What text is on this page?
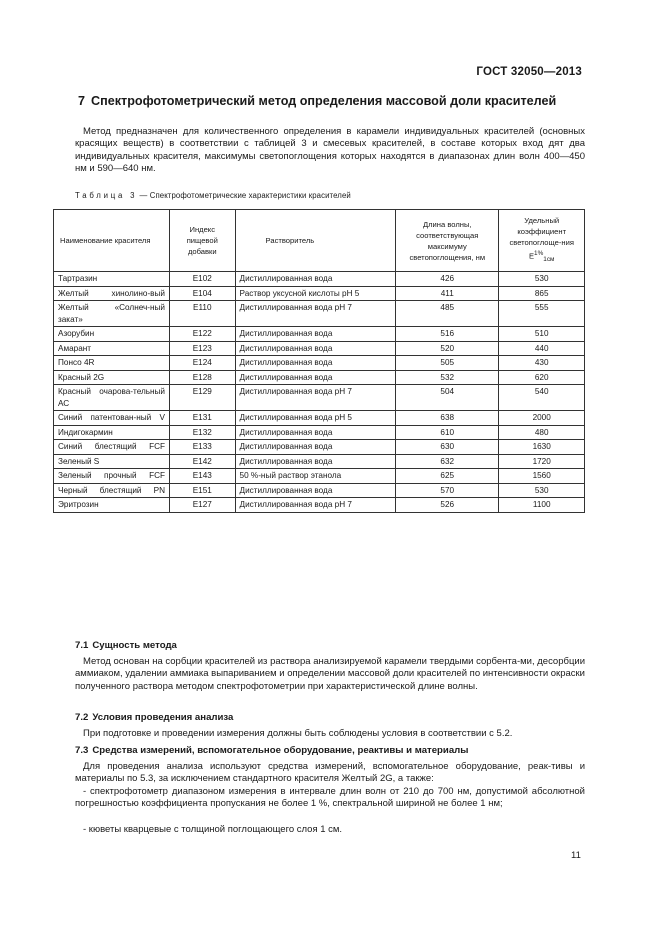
ГОСТ 32050—2013
7 Спектрофотометрический метод определения массовой доли красителей
Метод предназначен для количественного определения в карамели индивидуальных красителей (основных красящих веществ) в соответствии с таблицей 3 и смесевых красителей, в составе которых вход дят два индивидуальных красителя, максимумы светопоглощения которых находятся в диапазонах длин волн 400—450 нм и 590—640 нм.
Таблица 3 — Спектрофотометрические характеристики красителей
Наименование красителя	Индекс пищевой добавки	Растворитель	Длина волны, соответствующая максимуму светопоглощения, нм	Удельный коэффициент светопоглоще-ния $E^{1\%}_{1см}$
Тартразин	E102	Дистиллированная вода	426	530
Желтый хинолино-вый	E104	Раствор уксусной кислоты pH 5	411	865
Желтый «Солнеч-ный закат»	E110	Дистиллированная вода pH 7	485	555
Азорубин	E122	Дистиллированная вода	516	510
Амарант	E123	Дистиллированная вода	520	440
Понсо 4R	E124	Дистиллированная вода	505	430
Красный 2G	E128	Дистиллированная вода	532	620
Красный очарова-тельный АС	E129	Дистиллированная вода pH 7	504	540
Синий патентован-ный V	E131	Дистиллированная вода pH 5	638	2000
Индигокармин	E132	Дистиллированная вода	610	480
Синий блестящий FCF	E133	Дистиллированная вода	630	1630
Зеленый S	E142	Дистиллированная вода	632	1720
Зеленый прочный FCF	E143	50 %-ный раствор этанола	625	1560
Черный блестящий PN	E151	Дистиллированная вода	570	530
Эритрозин	E127	Дистиллированная вода pH 7	526	1100
7.1 Сущность метода
Метод основан на сорбции красителей из раствора анализируемой карамели твердыми сорбента-ми, десорбции аммиаком, удалении аммиака выпариванием и определении массовой доли красителей по интенсивности окраски полученного раствора методом спектрофотометрии при характеристической длине волны.
7.2 Условия проведения анализа
При подготовке и проведении измерения должны быть соблюдены условия в соответствии с 5.2.
7.3 Средства измерений, вспомогательное оборудование, реактивы и материалы
Для проведения анализа используют средства измерений, вспомогательное оборудование, реак-тивы и материалы по 5.3, за исключением стандартного красителя Желтый 2G, а также:
- спектрофотометр диапазоном измерения в интервале длин волн от 210 до 700 нм, допустимой абсолютной погрешностью коэффициента пропускания не более 1 %, спектральной шириной не более 1 нм;
- кюветы кварцевые с толщиной поглощающего слоя 1 см.
11
